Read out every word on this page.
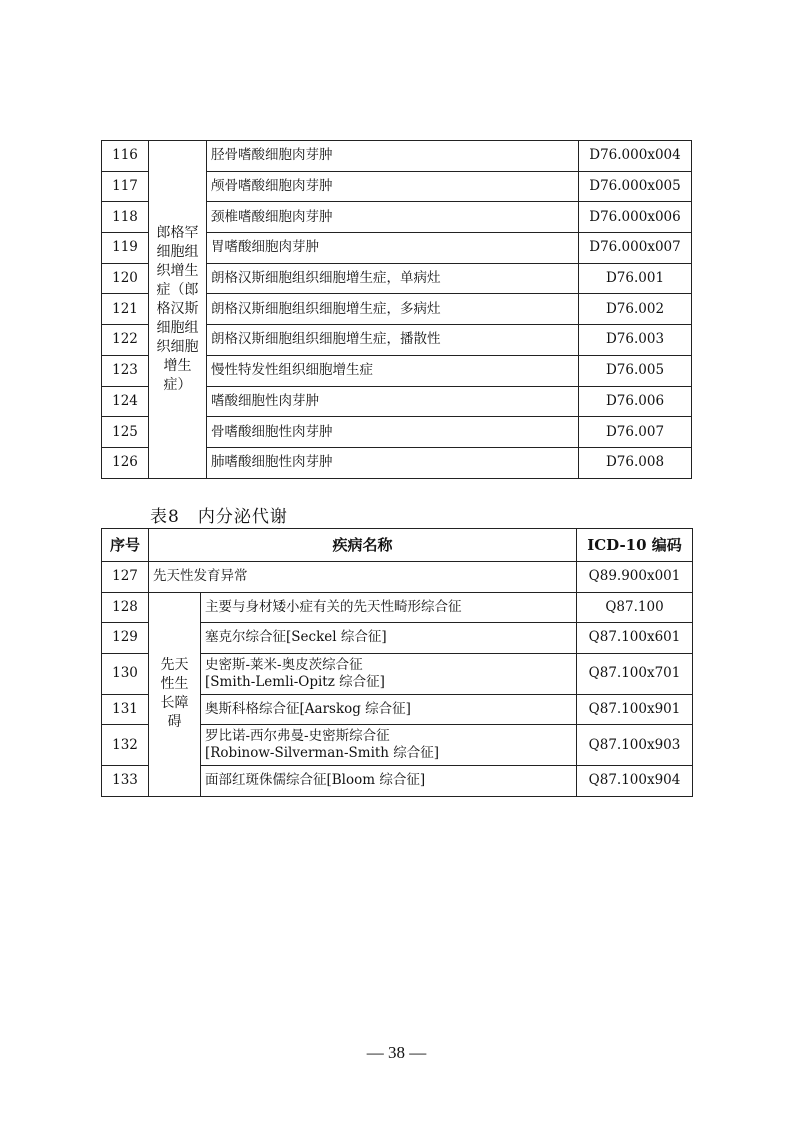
116	郎格罕细胞组织增生症（郎格汉斯细胞组织细胞增生症）	胫骨嗜酸细胞肉芽肿	D76.000x004
117		颅骨嗜酸细胞肉芽肿	D76.000x005
118		颈椎嗜酸细胞肉芽肿	D76.000x006
119		胃嗜酸细胞肉芽肿	D76.000x007
120		朗格汉斯细胞组织细胞增生症，单病灶	D76.001
121		朗格汉斯细胞组织细胞增生症，多病灶	D76.002
122		朗格汉斯细胞组织细胞增生症，播散性	D76.003
123		慢性特发性组织细胞增生症	D76.005
124		嗜酸细胞性肉芽肿	D76.006
125		骨嗜酸细胞性肉芽肿	D76.007
126		肺嗜酸细胞性肉芽肿	D76.008
表8　内分泌代谢
序号	疾病名称		ICD-10 编码
127	先天性发育异常		Q89.900x001
128	先天性生长障碍	主要与身材矮小症有关的先天性畸形综合征	Q87.100
129		塞克尔综合征[Seckel 综合征]	Q87.100x601
130		史密斯-莱米-奥皮茨综合征
[Smith-Lemli-Opitz 综合征]	Q87.100x701
131		奥斯科格综合征[Aarskog 综合征]	Q87.100x901
132		罗比诺-西尔弗曼-史密斯综合征
[Robinow-Silverman-Smith 综合征]	Q87.100x903
133		面部红斑侏儒综合征[Bloom 综合征]	Q87.100x904
— 38 —
